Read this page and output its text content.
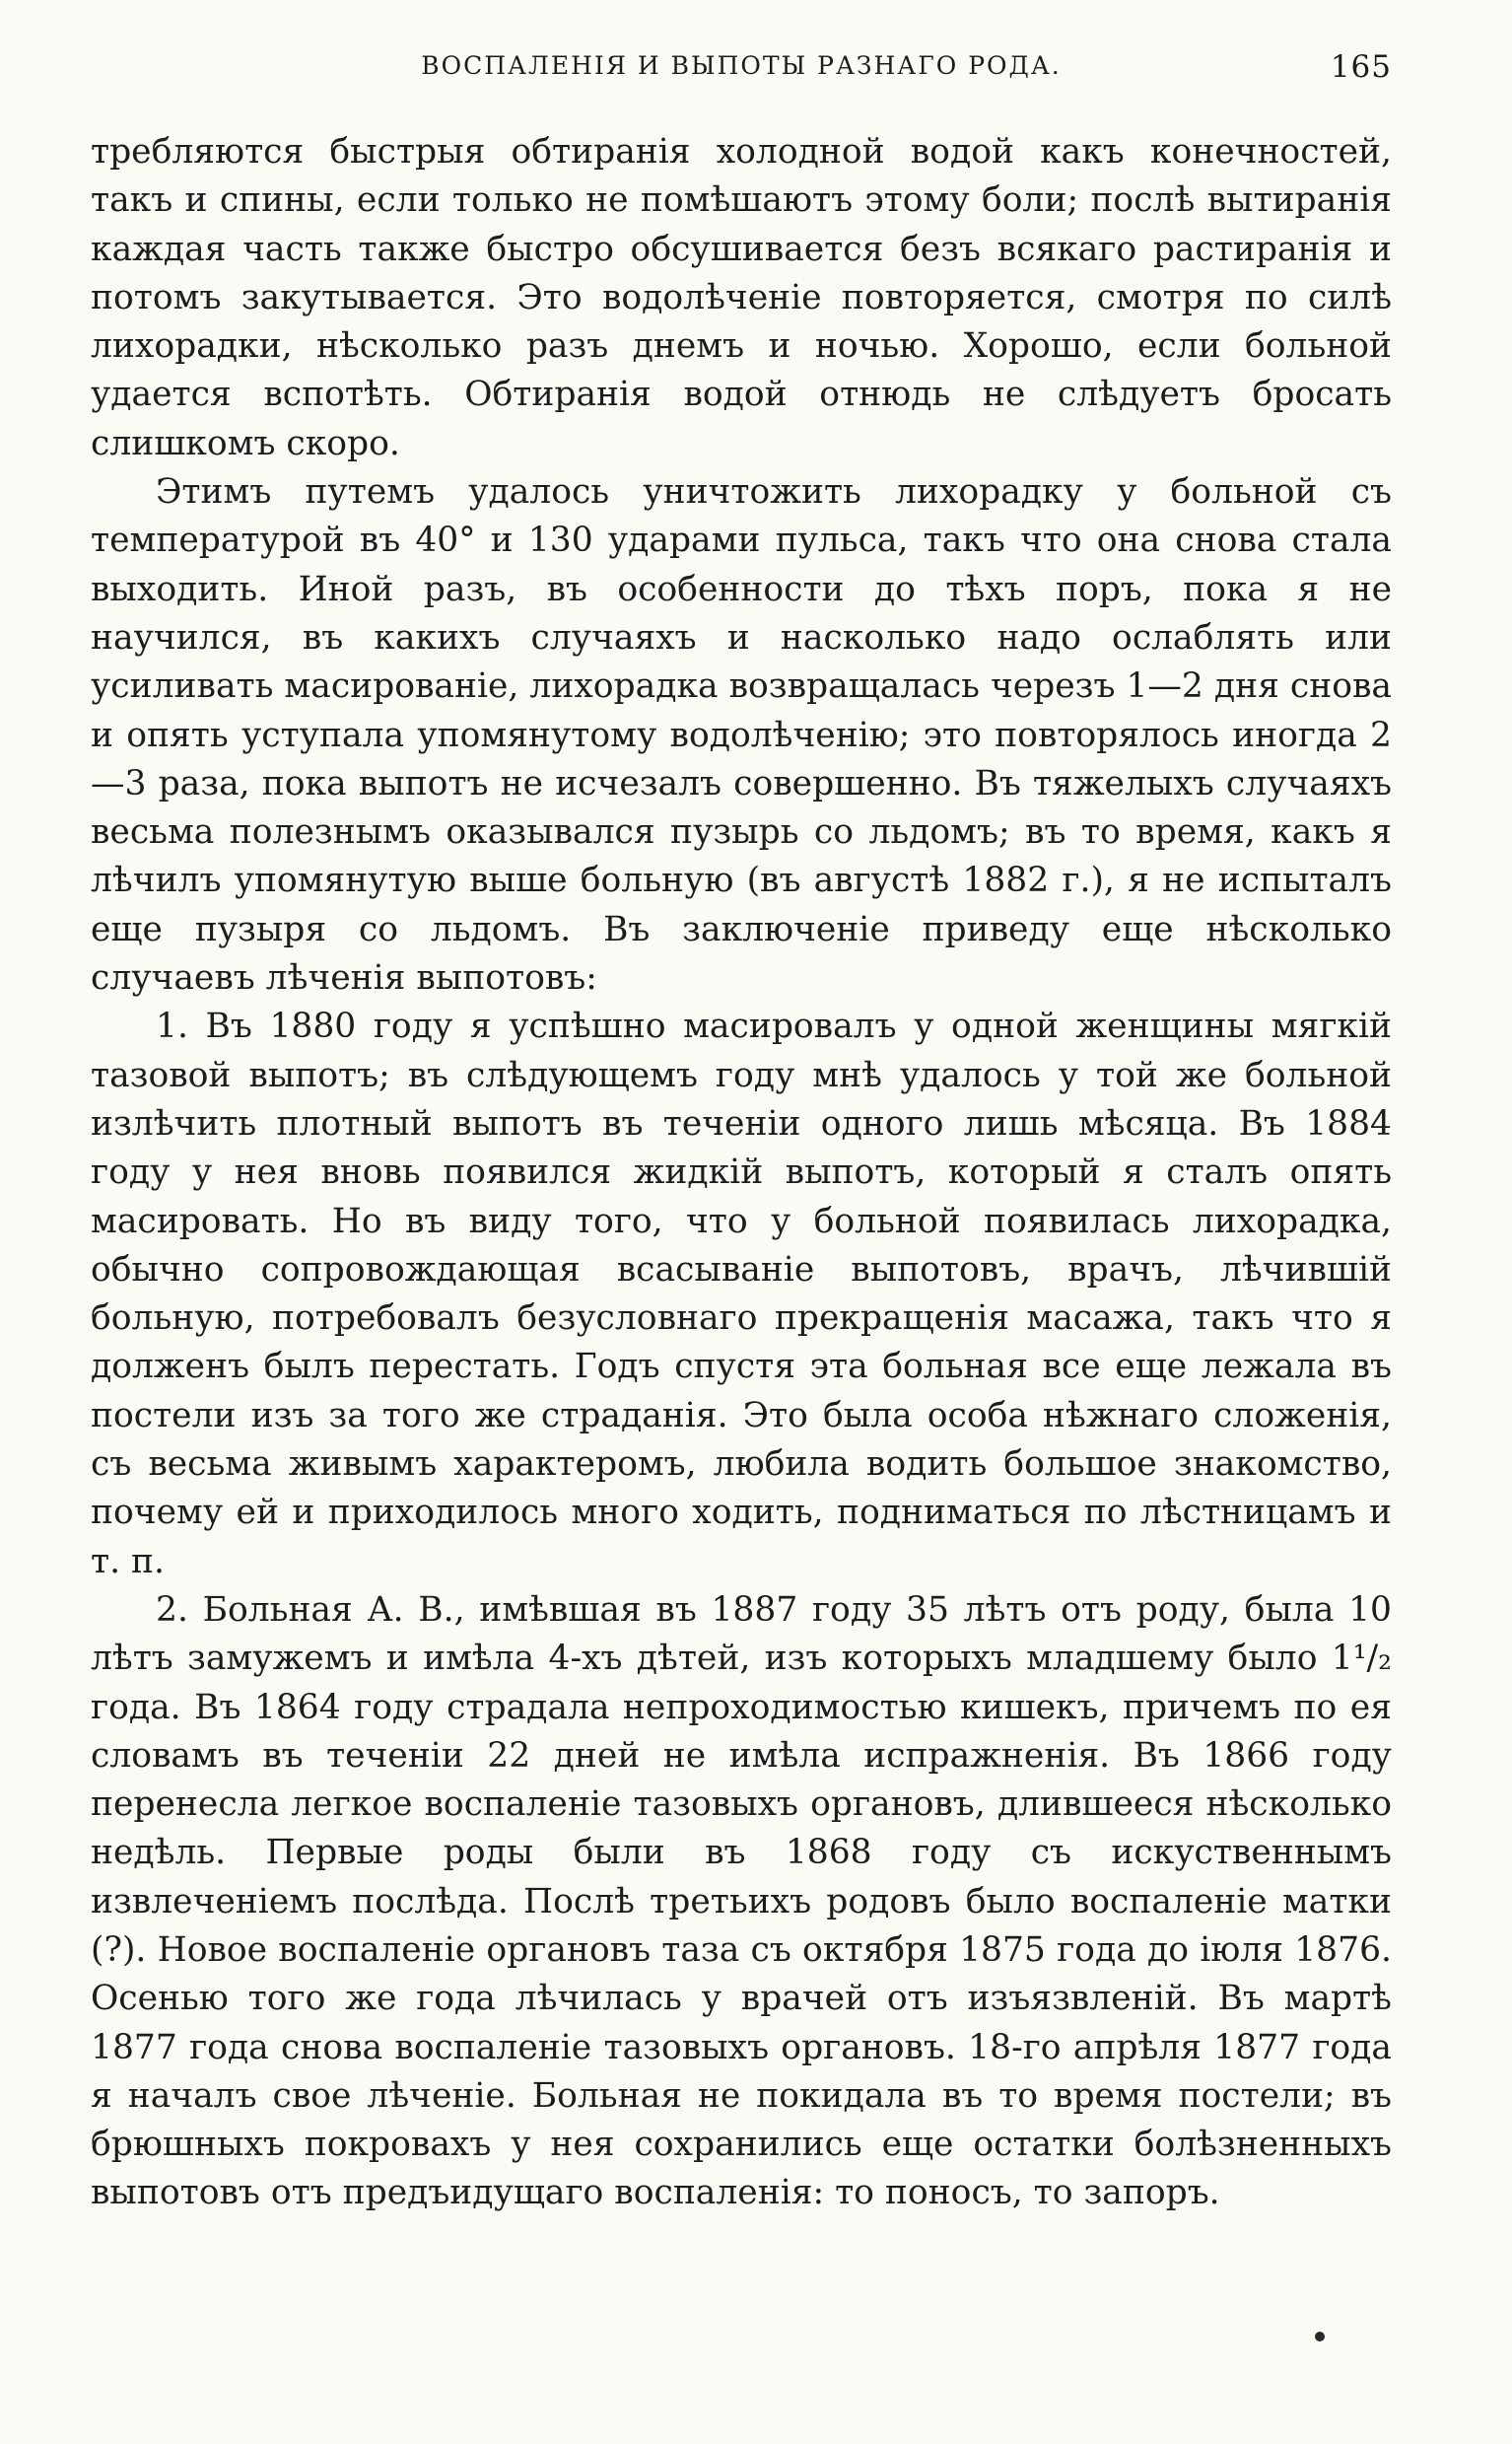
ВОСПАЛЕНІЯ И ВЫПОТЫ РАЗНАГО РОДА.	165

требляются быстрыя обтиранія холодной водой какъ конечностей, такъ и спины, если только не помѣшаютъ этому боли; послѣ вытиранія каждая часть также быстро обсушивается безъ всякаго растиранія и потомъ закутывается. Это водолѣченіе повторяется, смотря по силѣ лихорадки, нѣсколько разъ днемъ и ночью. Хорошо, если больной удается вспотѣть. Обтиранія водой отнюдь не слѣдуетъ бросать слишкомъ скоро.

Этимъ путемъ удалось уничтожить лихорадку у больной съ температурой въ 40° и 130 ударами пульса, такъ что она снова стала выходить. Иной разъ, въ особенности до тѣхъ поръ, пока я не научился, въ какихъ случаяхъ и насколько надо ослаблять или усиливать масированіе, лихорадка возвращалась черезъ 1—2 дня снова и опять уступала упомянутому водолѣченію; это повторялось иногда 2—3 раза, пока выпотъ не исчезалъ совершенно. Въ тяжелыхъ случаяхъ весьма полезнымъ оказывался пузырь со льдомъ; въ то время, какъ я лѣчилъ упомянутую выше больную (въ августѣ 1882 г.), я не испыталъ еще пузыря со льдомъ. Въ заключеніе приведу еще нѣсколько случаевъ лѣченія выпотовъ:

1. Въ 1880 году я успѣшно масировалъ у одной женщины мягкій тазовой выпотъ; въ слѣдующемъ году мнѣ удалось у той же больной излѣчить плотный выпотъ въ теченіи одного лишь мѣсяца. Въ 1884 году у нея вновь появился жидкій выпотъ, который я сталъ опять масировать. Но въ виду того, что у больной появилась лихорадка, обычно сопровождающая всасываніе выпотовъ, врачъ, лѣчившій больную, потребовалъ безусловнаго прекращенія масажа, такъ что я долженъ былъ перестать. Годъ спустя эта больная все еще лежала въ постели изъ за того же страданія. Это была особа нѣжнаго сложенія, съ весьма живымъ характеромъ, любила водить большое знакомство, почему ей и приходилось много ходить, подниматься по лѣстницамъ и т. п.

2. Больная А. В., имѣвшая въ 1887 году 35 лѣтъ отъ роду, была 10 лѣтъ замужемъ и имѣла 4-хъ дѣтей, изъ которыхъ младшему было 1¹/₂ года. Въ 1864 году страдала непроходимостью кишекъ, причемъ по ея словамъ въ теченіи 22 дней не имѣла испражненія. Въ 1866 году перенесла легкое воспаленіе тазовыхъ органовъ, длившееся нѣсколько недѣль. Первые роды были въ 1868 году съ искуственнымъ извлеченіемъ послѣда. Послѣ третьихъ родовъ было воспаленіе матки (?). Новое воспаленіе органовъ таза съ октября 1875 года до іюля 1876. Осенью того же года лѣчилась у врачей отъ изъязвленій. Въ мартѣ 1877 года снова воспаленіе тазовыхъ органовъ. 18-го апрѣля 1877 года я началъ свое лѣченіе. Больная не покидала въ то время постели; въ брюшныхъ покровахъ у нея сохранились еще остатки болѣзненныхъ выпотовъ отъ предъидущаго воспаленія: то поносъ, то запоръ.
